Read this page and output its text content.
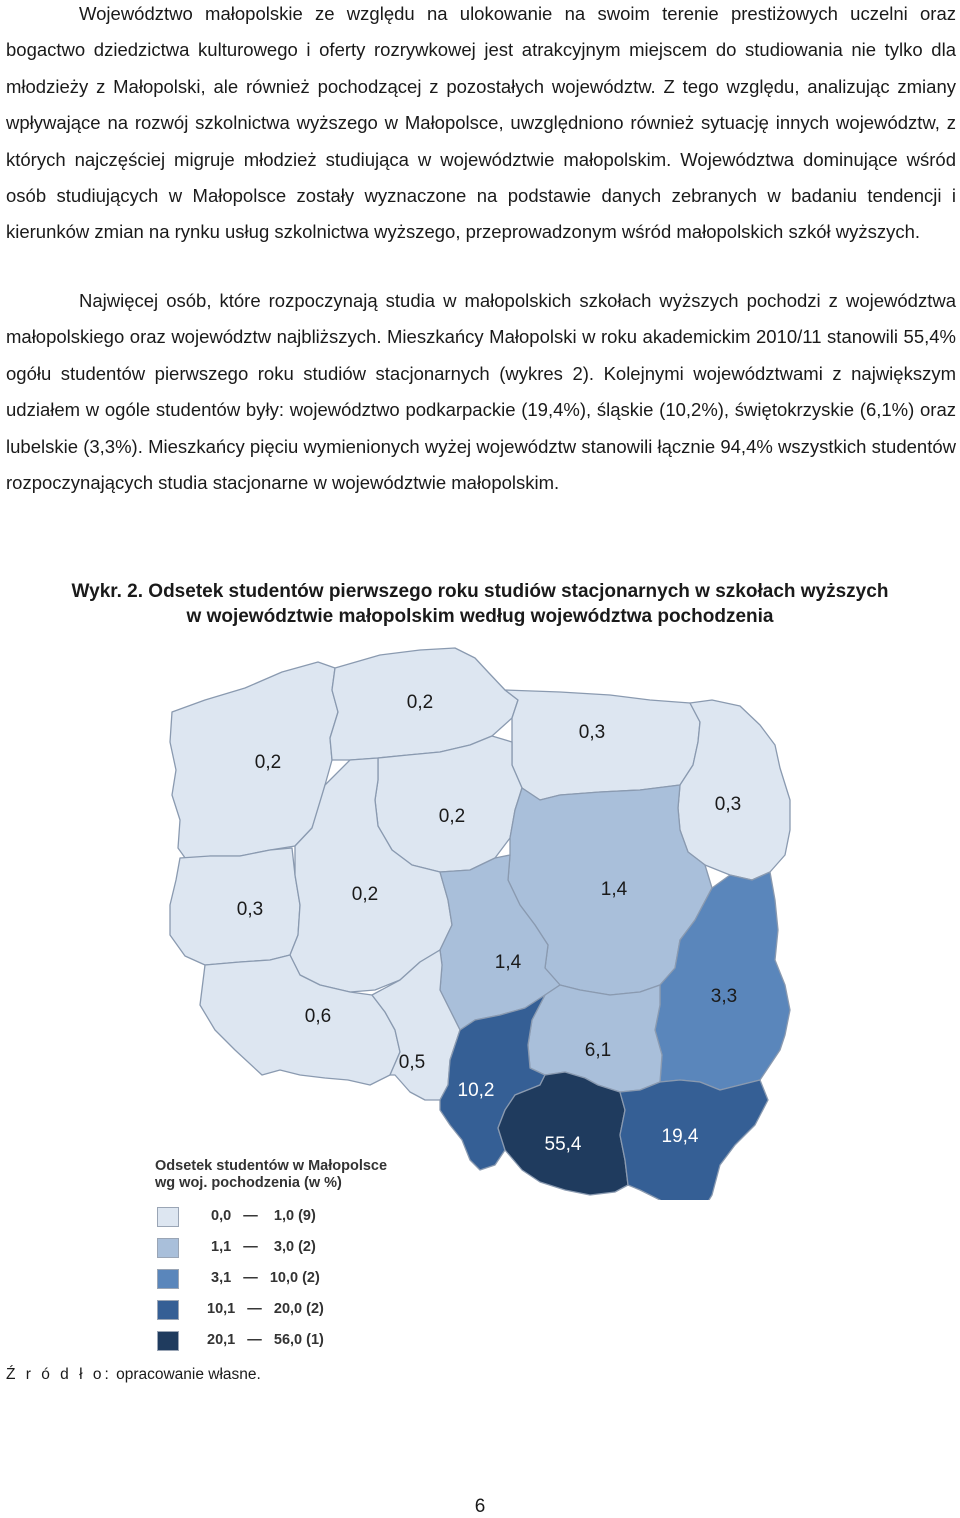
Województwo małopolskie ze względu na ulokowanie na swoim terenie prestiżowych uczelni oraz bogactwo dziedzictwa kulturowego i oferty rozrywkowej jest atrakcyjnym miejscem do studiowania nie tylko dla młodzieży z Małopolski, ale również pochodzącej z pozostałych województw. Z tego względu, analizując zmiany wpływające na rozwój szkolnictwa wyższego w Małopolsce, uwzględniono również sytuację innych województw, z których najczęściej migruje młodzież studiująca w województwie małopolskim. Województwa dominujące wśród osób studiujących w Małopolsce zostały wyznaczone na podstawie danych zebranych w badaniu tendencji i kierunków zmian na rynku usług szkolnictwa wyższego, przeprowadzonym wśród małopolskich szkół wyższych.

Najwięcej osób, które rozpoczynają studia w małopolskich szkołach wyższych pochodzi z województwa małopolskiego oraz województw najbliższych. Mieszkańcy Małopolski w roku akademickim 2010/11 stanowili 55,4% ogółu studentów pierwszego roku studiów stacjonarnych (wykres 2). Kolejnymi województwami z największym udziałem w ogóle studentów były: województwo podkarpackie (19,4%), śląskie (10,2%), świętokrzyskie (6,1%) oraz lubelskie (3,3%). Mieszkańcy pięciu wymienionych wyżej województw stanowili łącznie 94,4% wszystkich studentów rozpoczynających studia stacjonarne w województwie małopolskim.

Wykr. 2. Odsetek studentów pierwszego roku studiów stacjonarnych w szkołach wyższych
w województwie małopolskim według województwa pochodzenia
0,2
0,2
0,3
0,2
0,3
0,2
0,3
1,4
1,4
0,6
0,5
3,3
6,1
10,2
55,4	19,4
Odsetek studentów w Małopolsce
wg woj. pochodzenia (w %)
0,0   —    1,0 (9)
1,1   —    3,0 (2)
3,1   —   10,0 (2)
10,1   —   20,0 (2)
20,1   —   56,0 (1)
Ź r ó d ł o: opracowanie własne.
6
